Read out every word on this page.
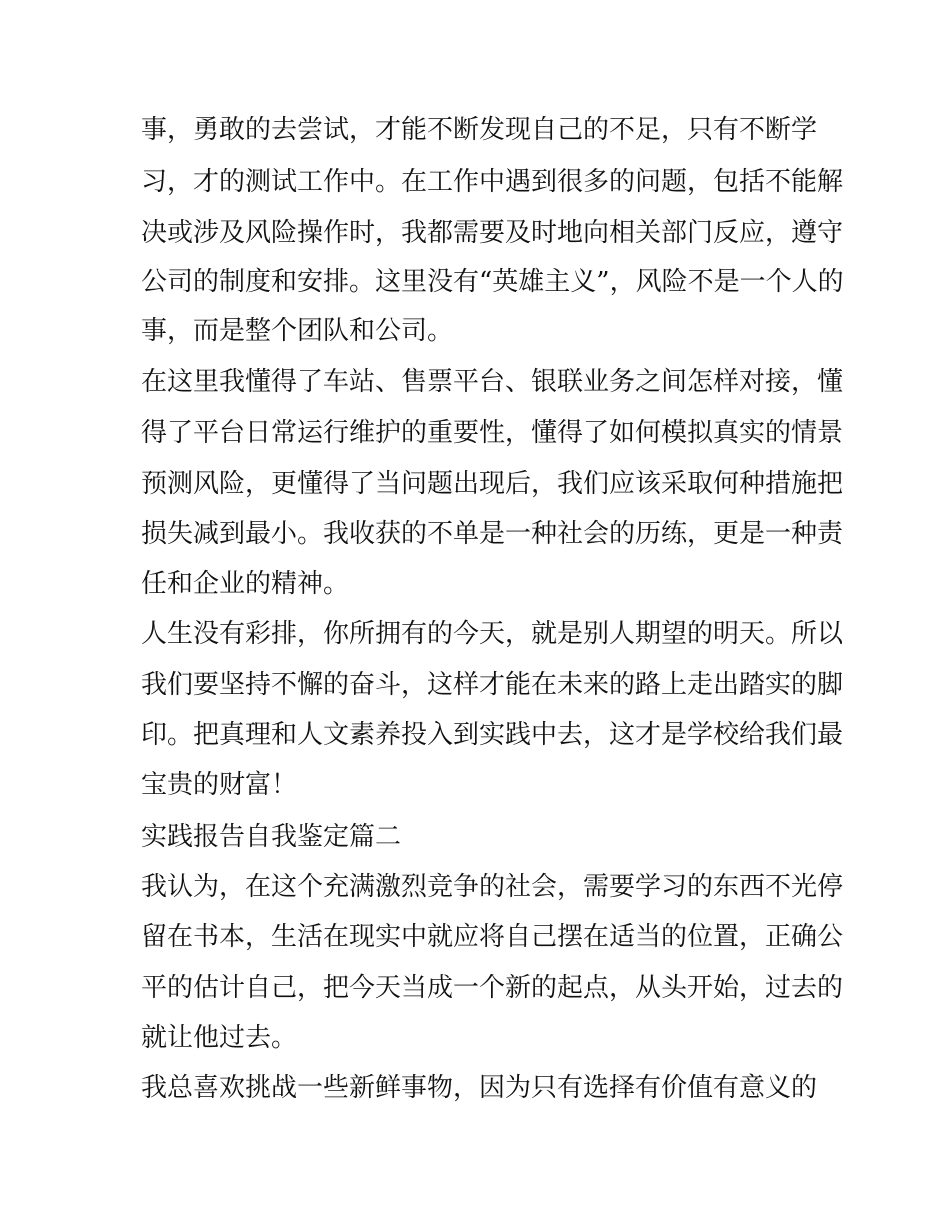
事，勇敢的去尝试，才能不断发现自己的不足，只有不断学
习，才的测试工作中。在工作中遇到很多的问题，包括不能解
决或涉及风险操作时，我都需要及时地向相关部门反应，遵守
公司的制度和安排。这里没有“英雄主义”，风险不是一个人的
事，而是整个团队和公司。
在这里我懂得了车站、售票平台、银联业务之间怎样对接，懂
得了平台日常运行维护的重要性，懂得了如何模拟真实的情景
预测风险，更懂得了当问题出现后，我们应该采取何种措施把
损失减到最小。我收获的不单是一种社会的历练，更是一种责
任和企业的精神。
人生没有彩排，你所拥有的今天，就是别人期望的明天。所以
我们要坚持不懈的奋斗，这样才能在未来的路上走出踏实的脚
印。把真理和人文素养投入到实践中去，这才是学校给我们最
宝贵的财富！
实践报告自我鉴定篇二
我认为，在这个充满激烈竞争的社会，需要学习的东西不光停
留在书本，生活在现实中就应将自己摆在适当的位置，正确公
平的估计自己，把今天当成一个新的起点，从头开始，过去的
就让他过去。
我总喜欢挑战一些新鲜事物，因为只有选择有价值有意义的
